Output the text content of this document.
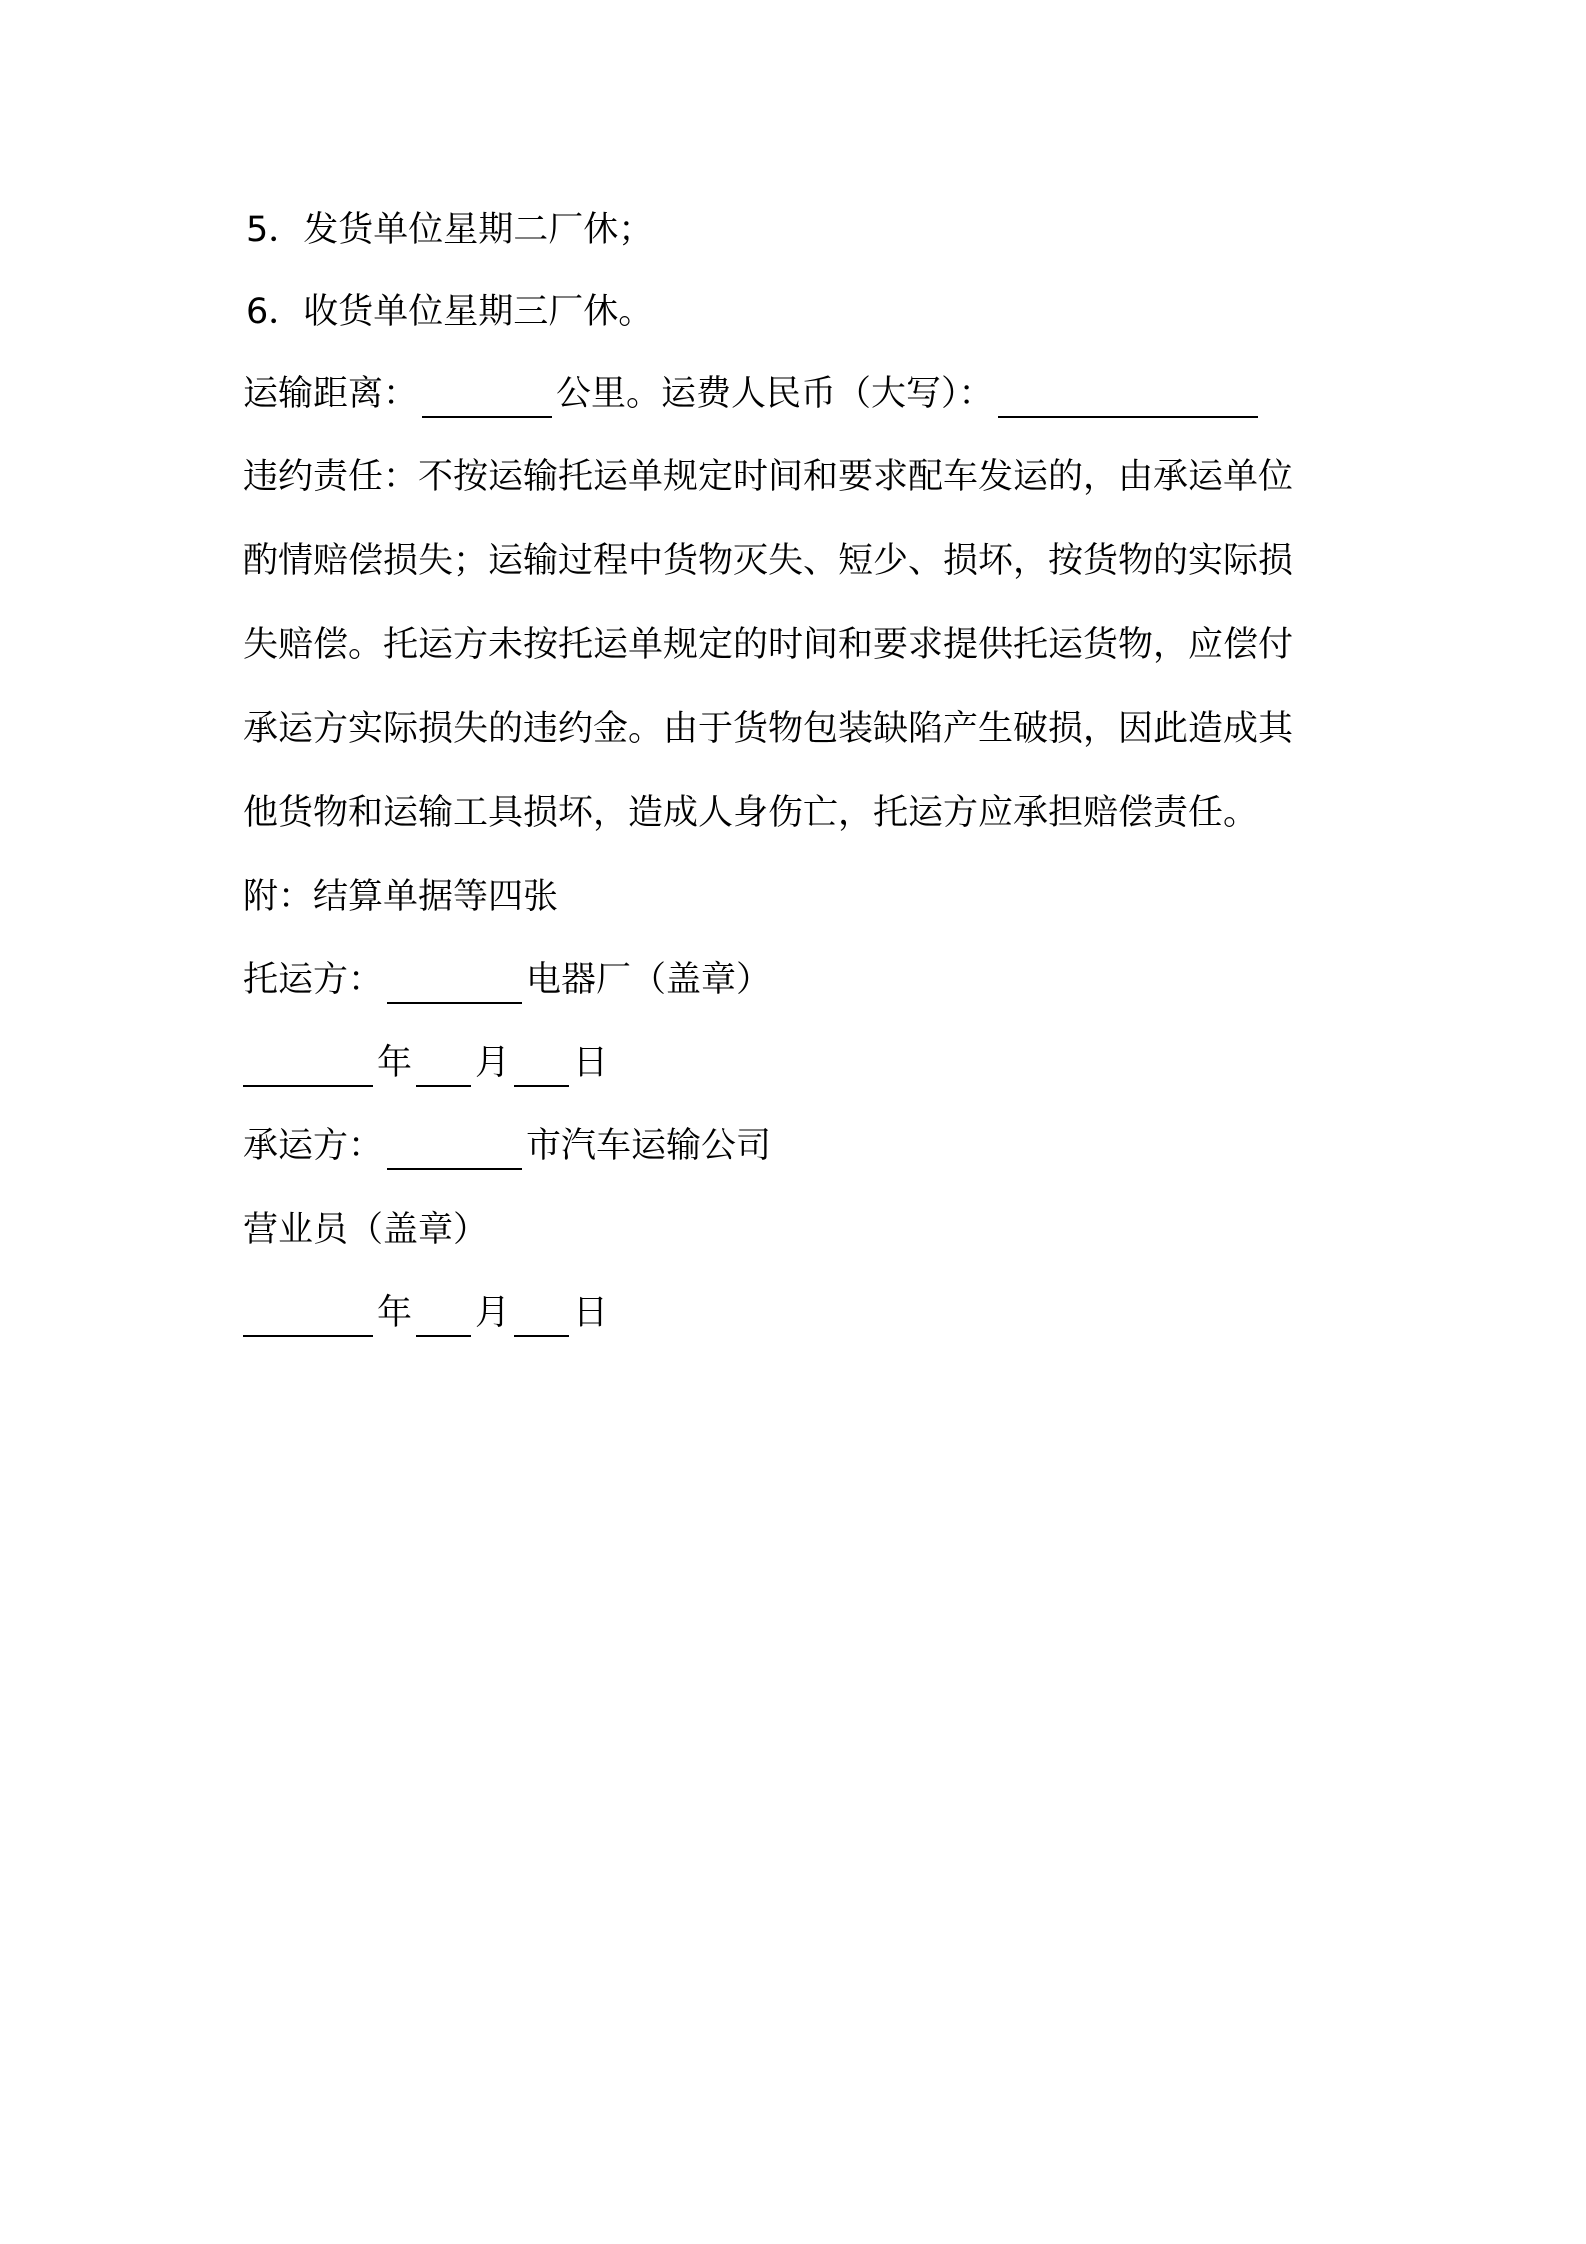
5．发货单位星期二厂休；
6．收货单位星期三厂休。
运输距离：	公里。运费人民币（大写）：
违约责任：不按运输托运单规定时间和要求配车发运的，由承运单位
酌情赔偿损失；运输过程中货物灭失、短少、损坏，按货物的实际损
失赔偿。托运方未按托运单规定的时间和要求提供托运货物，应偿付
承运方实际损失的违约金。由于货物包装缺陷产生破损，因此造成其
他货物和运输工具损坏，造成人身伤亡，托运方应承担赔偿责任。
附：结算单据等四张
托运方：	电器厂（盖章）
年 月 日
承运方：	市汽车运输公司
营业员（盖章）
年 月 日
